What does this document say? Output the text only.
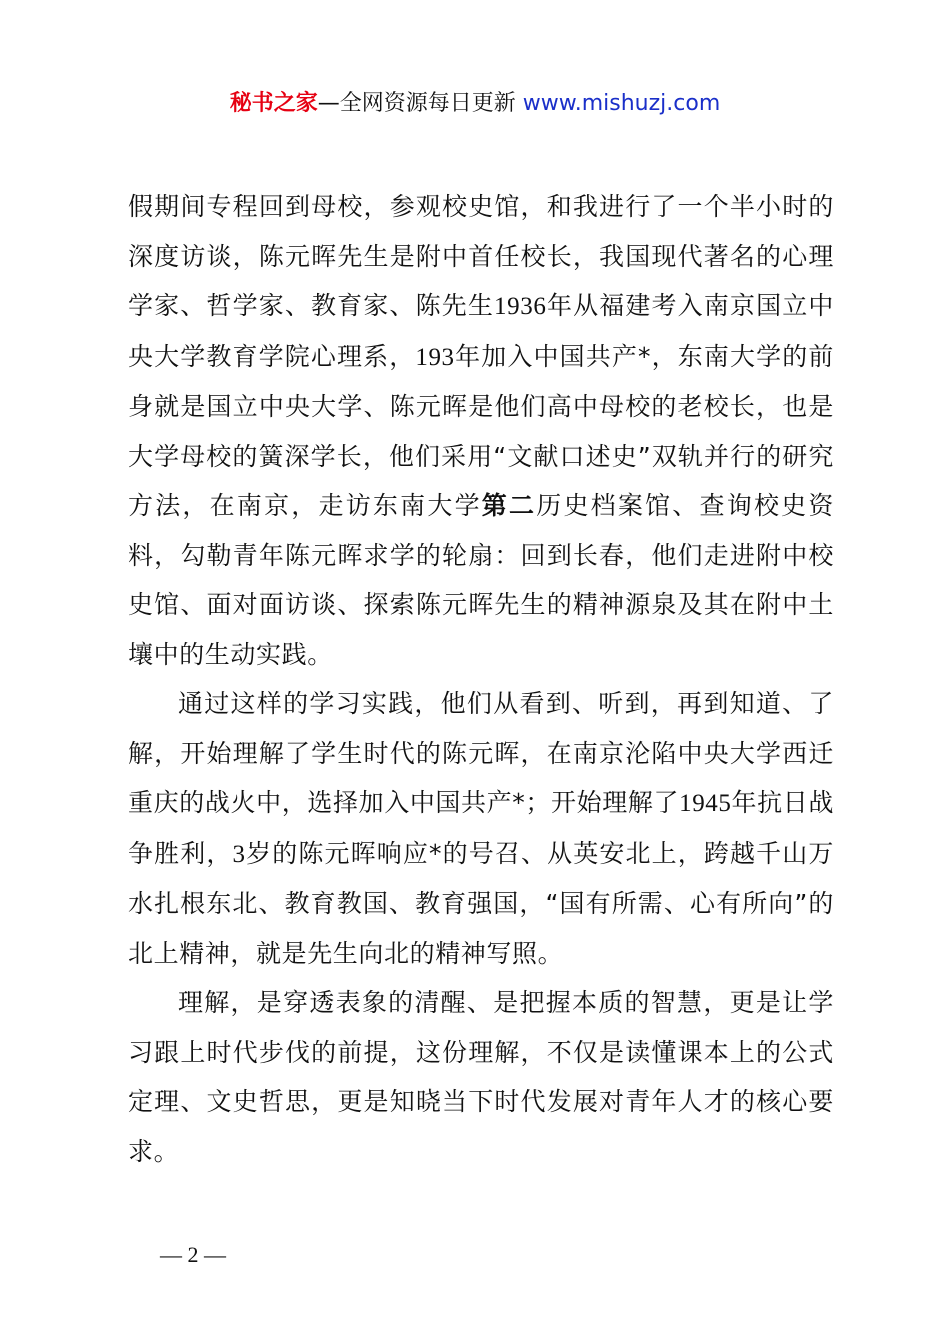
秘书之家—全网资源每日更新 www.mishuzj.com

假期间专程回到母校，参观校史馆，和我进行了一个半小时的深度访谈，陈元晖先生是附中首任校长，我国现代著名的心理学家、哲学家、教育家、陈先生1936年从福建考入南京国立中央大学教育学院心理系，193年加入中国共产*，东南大学的前身就是国立中央大学、陈元晖是他们高中母校的老校长，也是大学母校的簧深学长，他们采用“文献口述史”双轨并行的研究方法，在南京，走访东南大学第二历史档案馆、查询校史资料，勾勒青年陈元晖求学的轮扇：回到长春，他们走进附中校史馆、面对面访谈、探索陈元晖先生的精神源泉及其在附中土壤中的生动实践。

通过这样的学习实践，他们从看到、听到，再到知道、了解，开始理解了学生时代的陈元晖，在南京沦陷中央大学西迁重庆的战火中，选择加入中国共产*；开始理解了1945年抗日战争胜利，3岁的陈元晖响应*的号召、从英安北上，跨越千山万水扎根东北、教育教国、教育强国，“国有所需、心有所向”的北上精神，就是先生向北的精神写照。

理解，是穿透表象的清醒、是把握本质的智慧，更是让学习跟上时代步伐的前提，这份理解，不仅是读懂课本上的公式定理、文史哲思，更是知晓当下时代发展对青年人才的核心要求。

— 2 —
